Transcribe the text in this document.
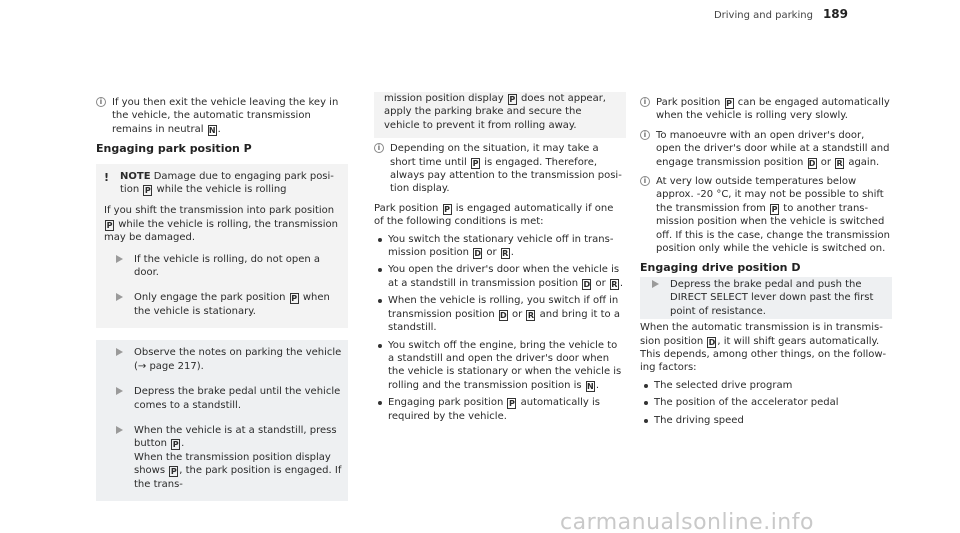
Driving and parking 189
i If you then exit the vehicle leaving the key in the vehicle, the automatic transmission remains in neutral N .
Engaging park position P
! NOTE Damage due to engaging park position P while the vehicle is rolling

If you shift the transmission into park position P while the vehicle is rolling, the transmission may be damaged.

If the vehicle is rolling, do not open a door.
Only engage the park position P when the vehicle is stationary.
Observe the notes on parking the vehicle (→ page 217).
Depress the brake pedal until the vehicle comes to a standstill.
When the vehicle is at a standstill, press button P .
When the transmission position display shows P , the park position is engaged. If the trans-
mission position display P does not appear, apply the parking brake and secure the vehicle to prevent it from rolling away.
i Depending on the situation, it may take a short time until P is engaged. Therefore, always pay attention to the transmission position display.
Park position P is engaged automatically if one of the following conditions is met:
You switch the stationary vehicle off in transmission position D or R .
You open the driver's door when the vehicle is at a standstill in transmission position D or R .
When the vehicle is rolling, you switch if off in transmission position D or R and bring it to a standstill.
You switch off the engine, bring the vehicle to a standstill and open the driver's door when the vehicle is stationary or when the vehicle is rolling and the transmission position is N .
Engaging park position P automatically is required by the vehicle.
i Park position P can be engaged automatically when the vehicle is rolling very slowly.
i To manoeuvre with an open driver's door, open the driver's door while at a standstill and engage transmission position D or R again.
i At very low outside temperatures below approx. -20 °C, it may not be possible to shift the transmission from P to another transmission position when the vehicle is switched off. If this is the case, change the transmission position only while the vehicle is switched on.
Engaging drive position D
Depress the brake pedal and push the DIRECT SELECT lever down past the first point of resistance.
When the automatic transmission is in transmission position D , it will shift gears automatically. This depends, among other things, on the following factors:
The selected drive program
The position of the accelerator pedal
The driving speed
carmanualsonline.info
